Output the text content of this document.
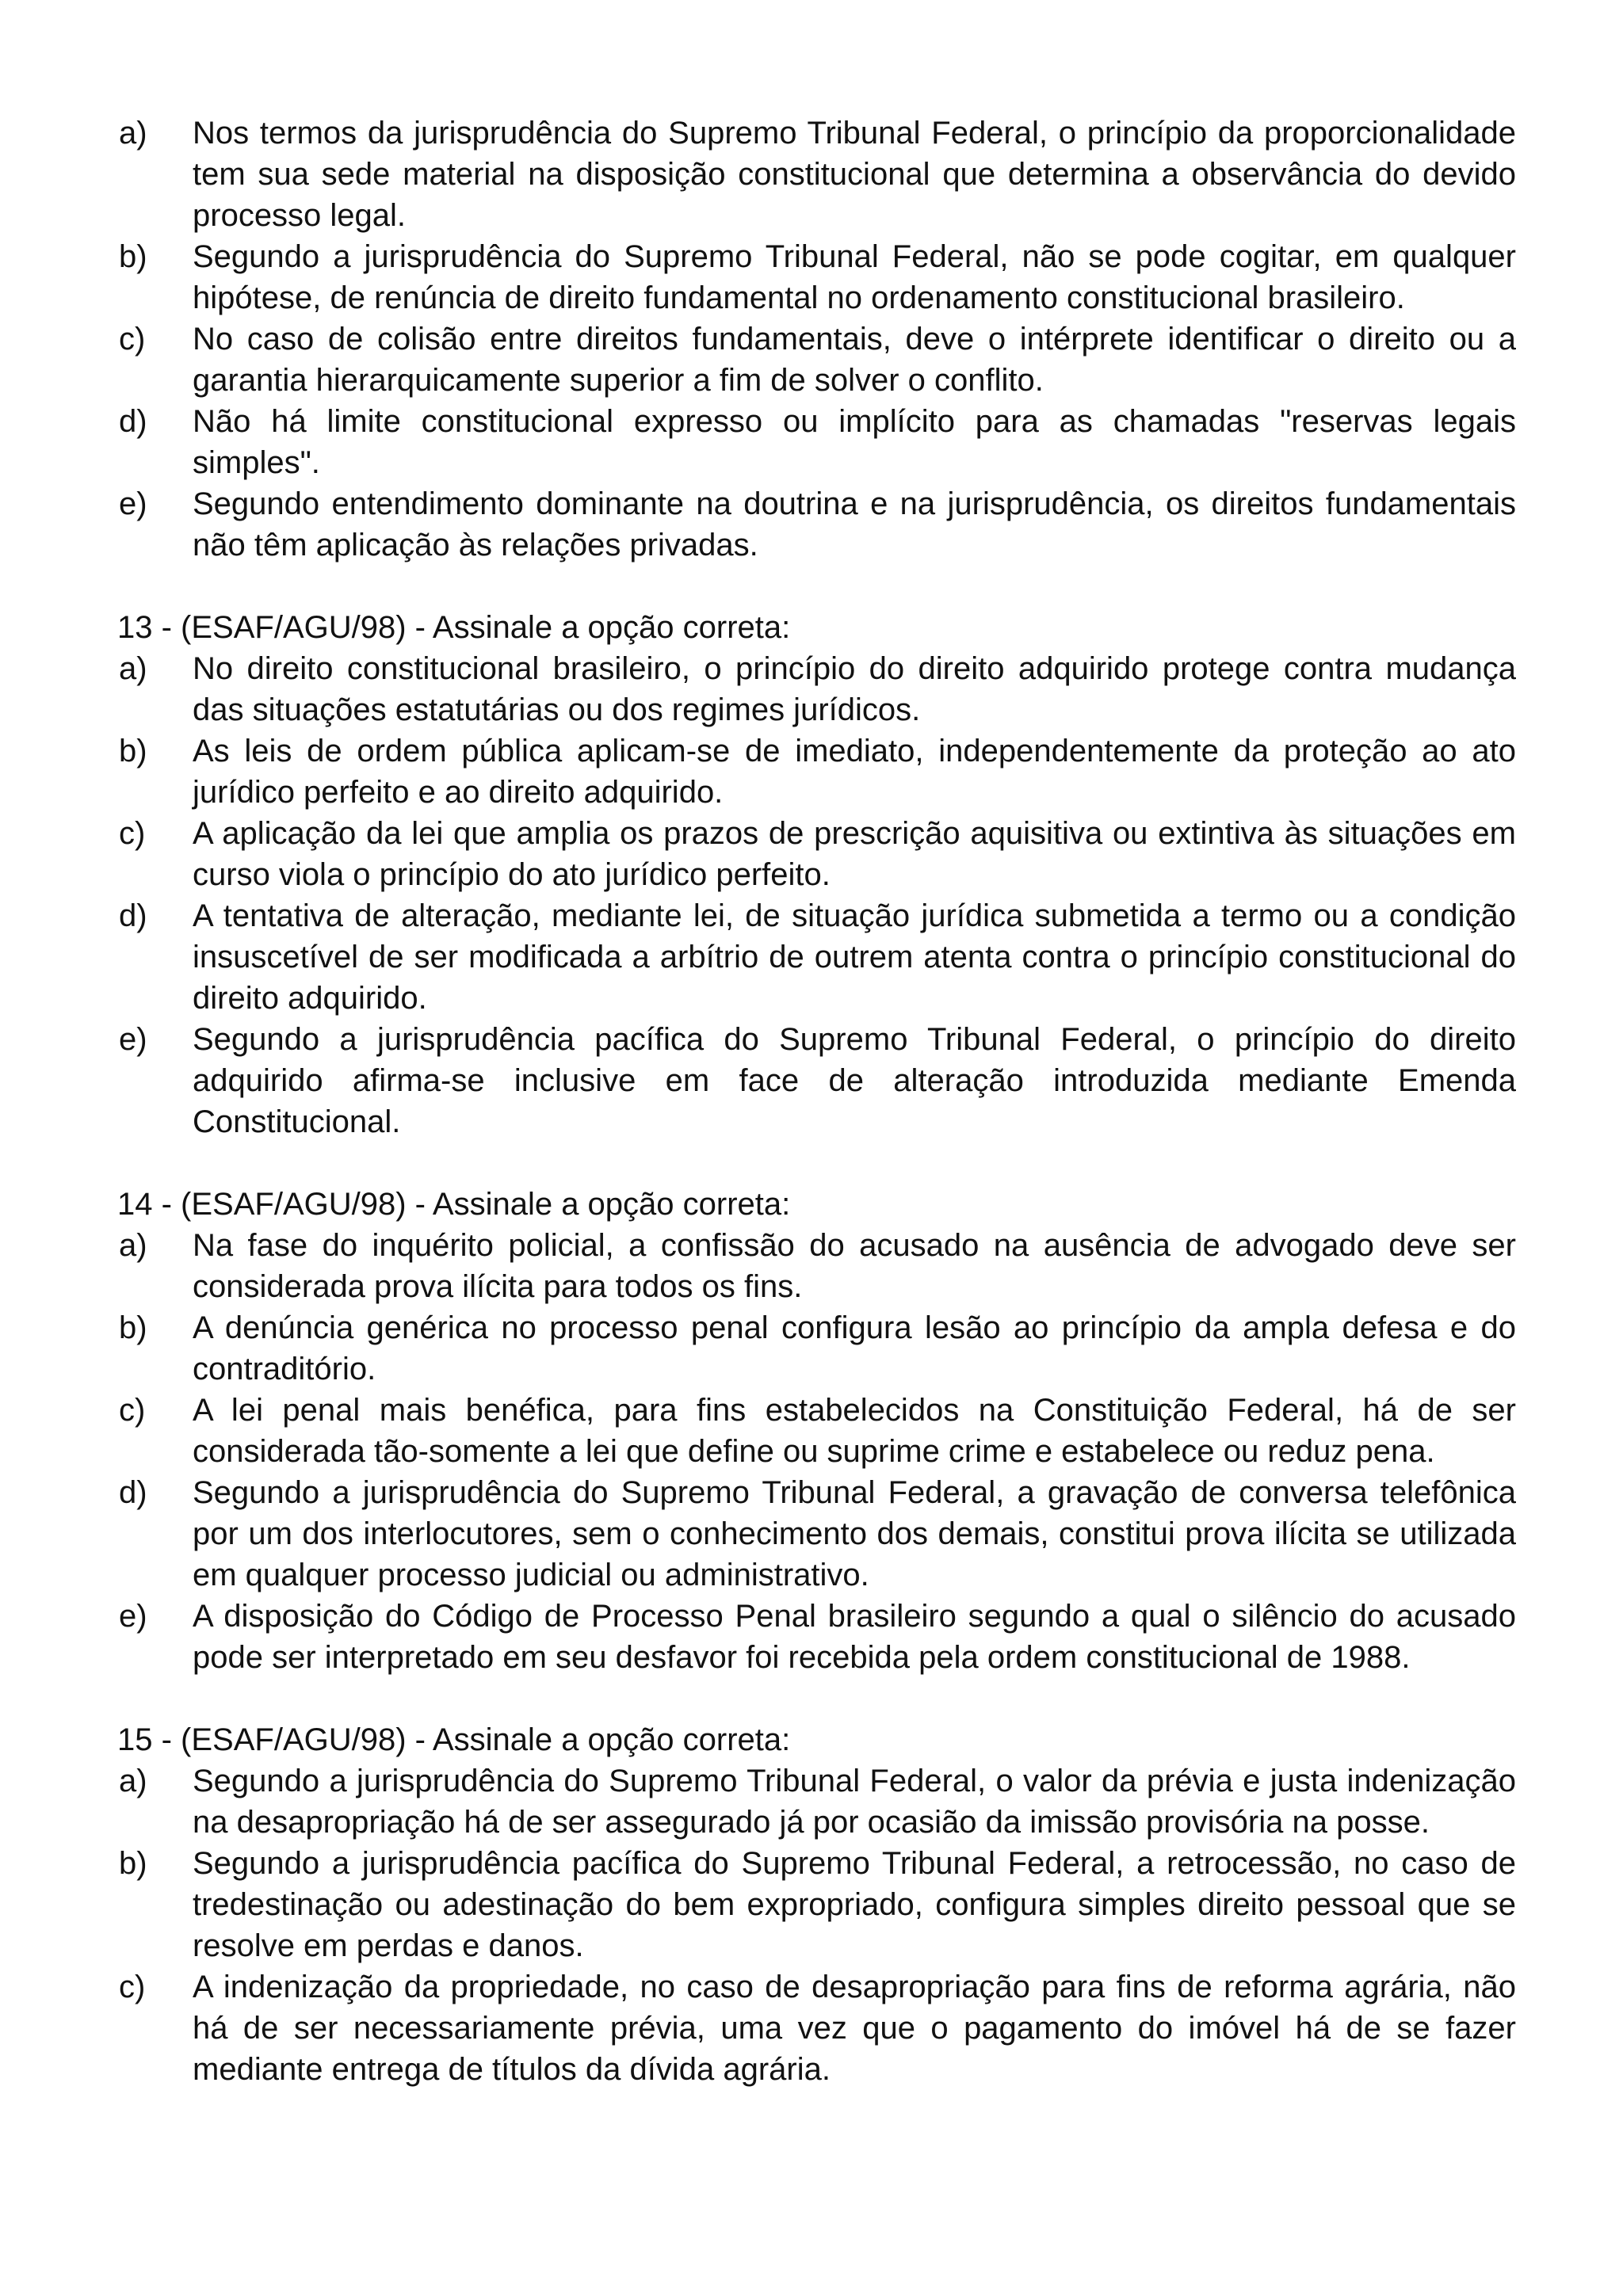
a)	Nos termos da jurisprudência do Supremo Tribunal Federal, o princípio da proporcionalidade tem sua sede material na disposição constitucional que determina a observância do devido processo legal.
b)	Segundo a jurisprudência do Supremo Tribunal Federal, não se pode cogitar, em qualquer hipótese, de renúncia de direito fundamental no ordenamento constitucional brasileiro.
c)	No caso de colisão entre direitos fundamentais, deve o intérprete identificar o direito ou a garantia hierarquicamente superior a fim de solver o conflito.
d)	Não há limite constitucional expresso ou implícito para as chamadas "reservas legais simples".
e)	Segundo entendimento dominante na doutrina e na jurisprudência, os direitos fundamentais não têm aplicação às relações privadas.

13 - (ESAF/AGU/98) - Assinale a opção correta:

a)	No direito constitucional brasileiro, o princípio do direito adquirido protege contra mudança das situações estatutárias ou dos regimes jurídicos.
b)	As leis de ordem pública aplicam-se de imediato, independentemente da proteção ao ato jurídico perfeito e ao direito adquirido.
c)	A aplicação da lei que amplia os prazos de prescrição aquisitiva ou extintiva às situações em curso viola o princípio do ato jurídico perfeito.
d)	A tentativa de alteração, mediante lei, de situação jurídica submetida a termo ou a condição insuscetível de ser modificada a arbítrio de outrem atenta contra o princípio constitucional do direito adquirido.
e)	Segundo a jurisprudência pacífica do Supremo Tribunal Federal, o princípio do direito adquirido afirma-se inclusive em face de alteração introduzida mediante Emenda Constitucional.

14 - (ESAF/AGU/98) - Assinale a opção correta:

a)	Na fase do inquérito policial, a confissão do acusado na ausência de advogado deve ser considerada prova ilícita para todos os fins.
b)	A denúncia genérica no processo penal configura lesão ao princípio da ampla defesa e do contraditório.
c)	A lei penal mais benéfica, para fins estabelecidos na Constituição Federal, há de ser considerada tão-somente a lei que define ou suprime crime e estabelece ou reduz pena.
d)	Segundo a jurisprudência do Supremo Tribunal Federal, a gravação de conversa telefônica por um dos interlocutores, sem o conhecimento dos demais, constitui prova ilícita se utilizada em qualquer processo judicial ou administrativo.
e)	A disposição do Código de Processo Penal brasileiro segundo a qual o silêncio do acusado pode ser interpretado em seu desfavor foi recebida pela ordem constitucional de 1988.

15 - (ESAF/AGU/98) - Assinale a opção correta:

a)	Segundo a jurisprudência do Supremo Tribunal Federal, o valor da prévia e justa indenização na desapropriação há de ser assegurado já por ocasião da imissão provisória na posse.
b)	Segundo a jurisprudência pacífica do Supremo Tribunal Federal, a retrocessão, no caso de tredestinação ou adestinação do bem expropriado, configura simples direito pessoal que se resolve em perdas e danos.
c)	A indenização da propriedade, no caso de desapropriação para fins de reforma agrária, não há de ser necessariamente prévia, uma vez que o pagamento do imóvel há de se fazer mediante entrega de títulos da dívida agrária.
